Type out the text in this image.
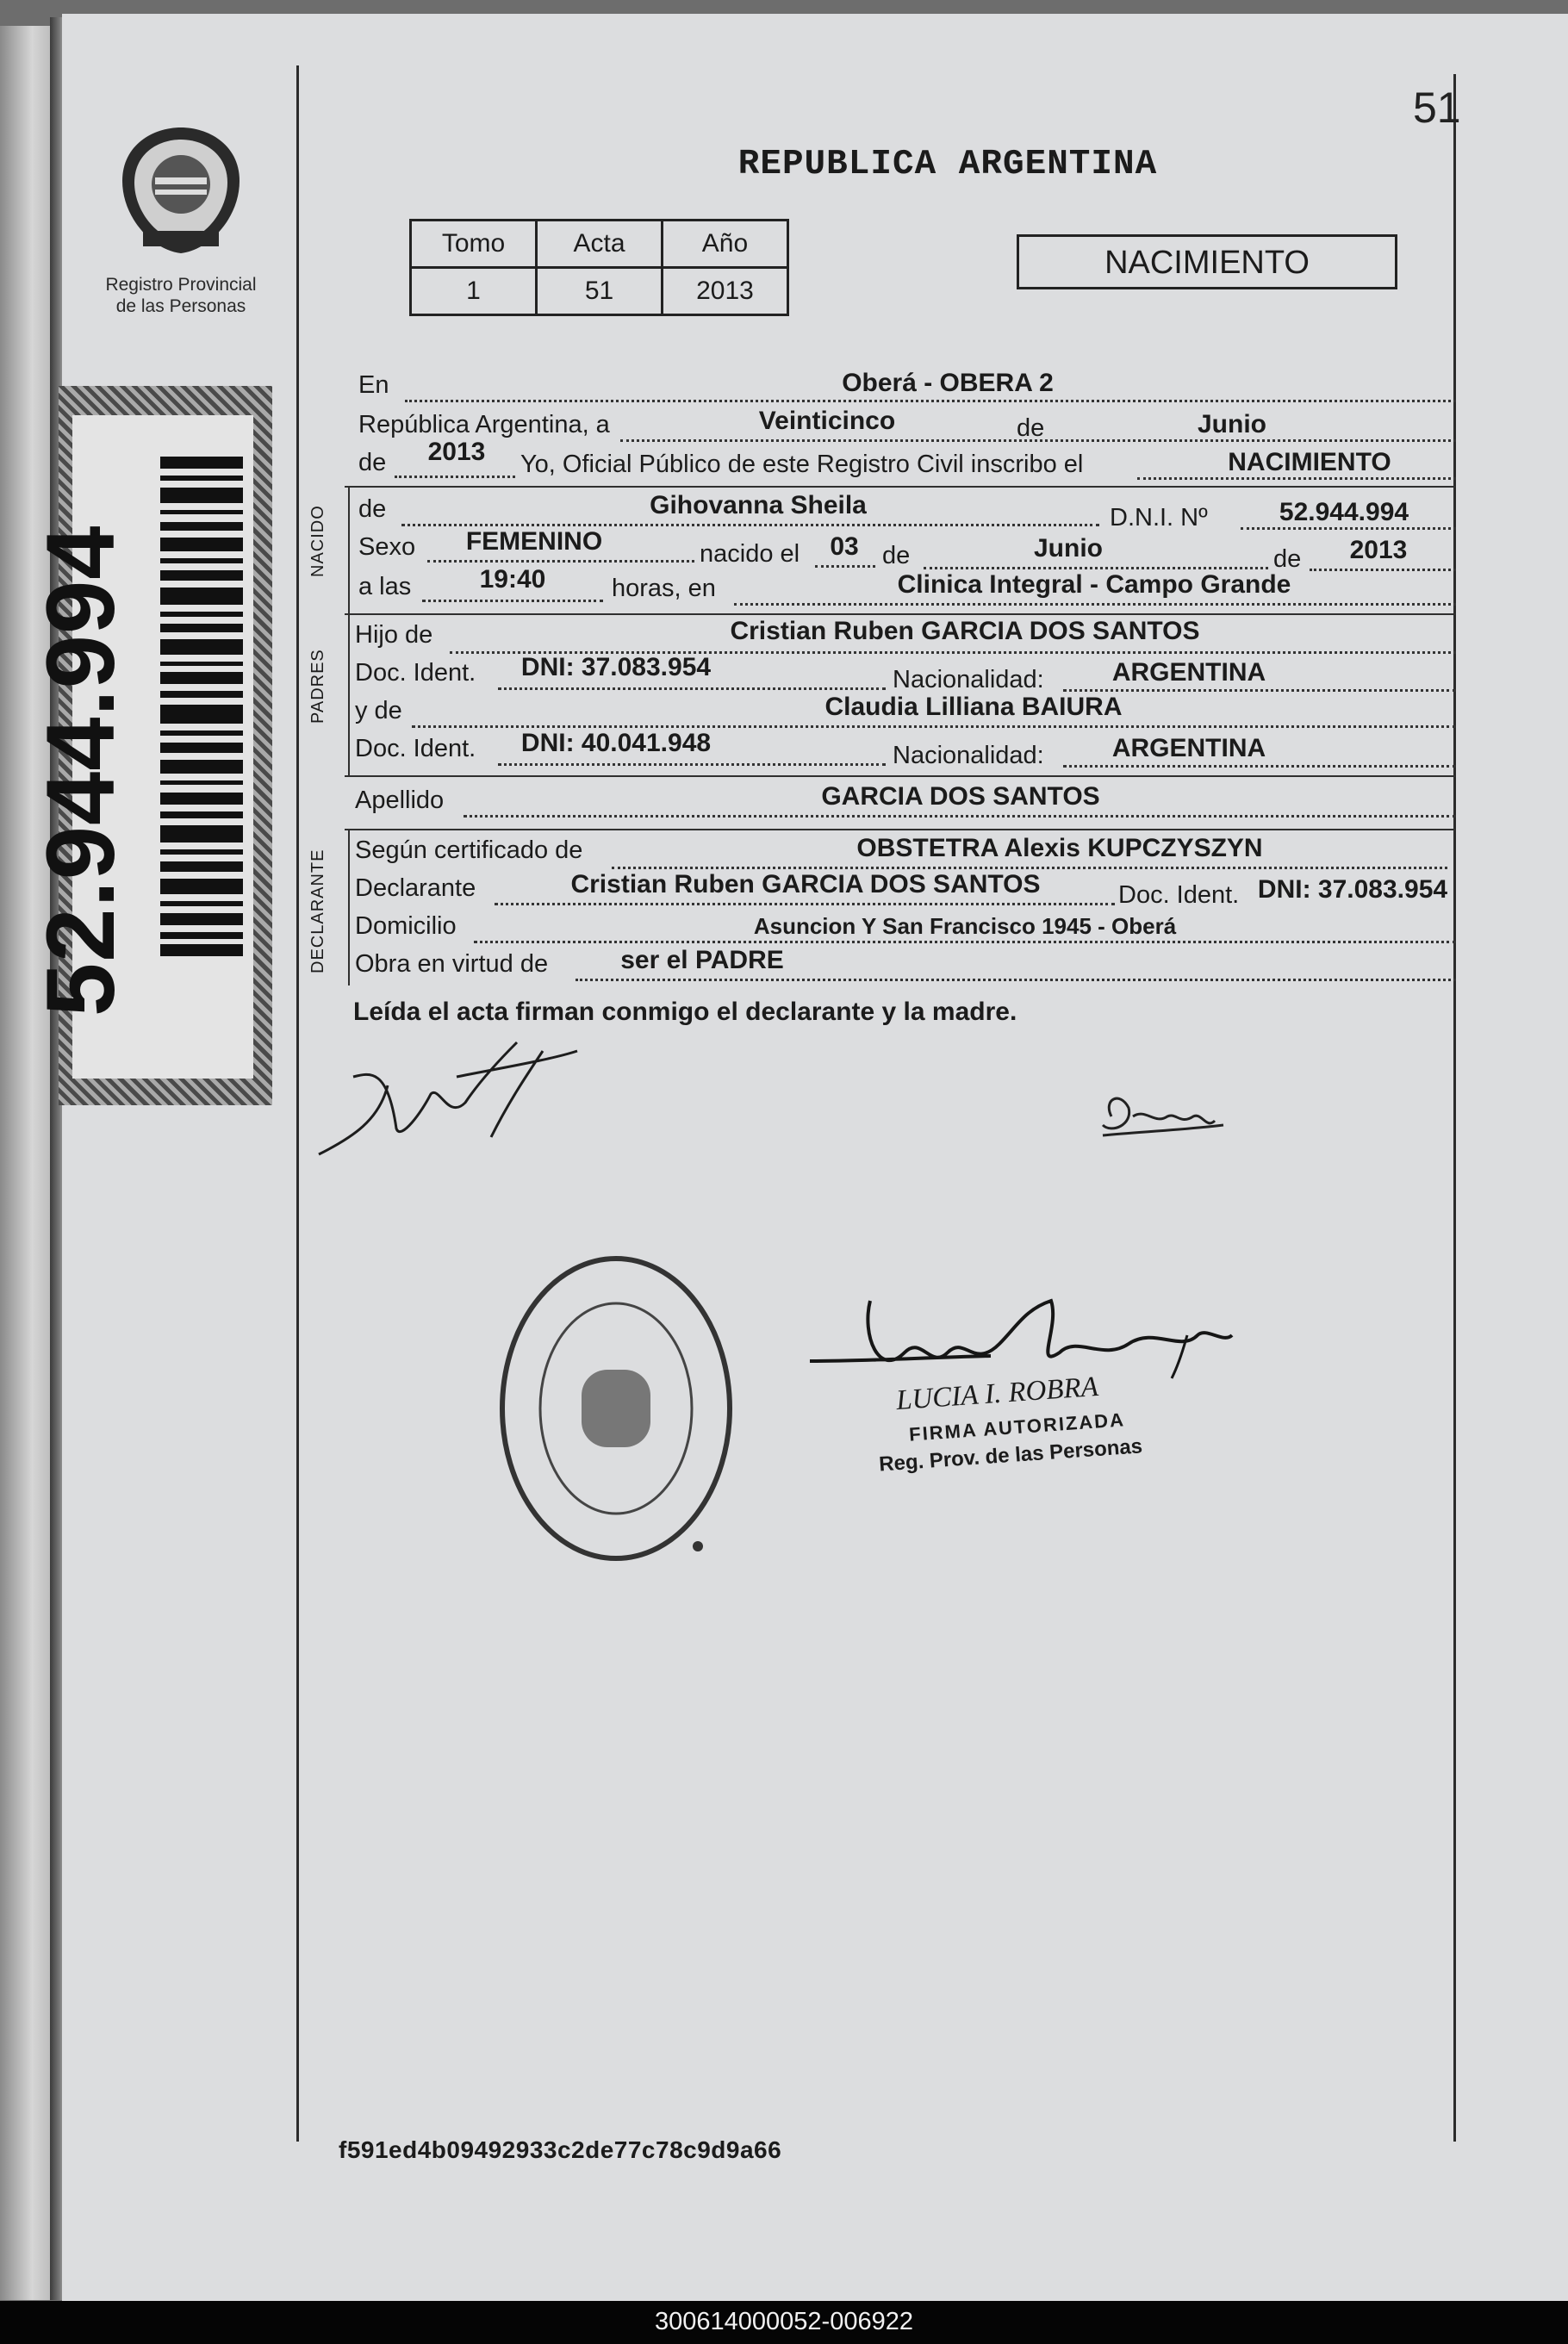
Registro Provincial
de las Personas
52.944.994
51
REPUBLICA ARGENTINA
Tomo	Acta	Año
1	51	2013
NACIMIENTO
En	Oberá - OBERA 2
República Argentina, a	Veinticinco	de	Junio
de	2013	Yo, Oficial Público de este Registro Civil inscribo el	NACIMIENTO
NACIDO de	Gihovanna Sheila	D.N.I. Nº	52.944.994
Sexo	FEMENINO	nacido el	03 de	Junio	de	2013
a las	19:40	horas, en	Clinica Integral - Campo Grande
PADRES
Hijo de	Cristian Ruben GARCIA DOS SANTOS
Doc. Ident.	DNI: 37.083.954	Nacionalidad:	ARGENTINA
y de	Claudia Lilliana BAIURA
Doc. Ident.	DNI: 40.041.948	Nacionalidad:	ARGENTINA
Apellido	GARCIA DOS SANTOS
DECLARANTE Según certificado de	OBSTETRA Alexis KUPCZYSZYN
Declarante	Cristian Ruben GARCIA DOS SANTOS	Doc. Ident. DNI: 37.083.954
Domicilio	Asuncion Y San Francisco 1945 - Oberá
Obra en virtud de	ser el PADRE
Leída el acta firman conmigo el declarante y la madre.
LUCIA I. ROBRA
FIRMA AUTORIZADA
Reg. Prov. de las Personas
f591ed4b09492933c2de77c78c9d9a66
300614000052-006922
